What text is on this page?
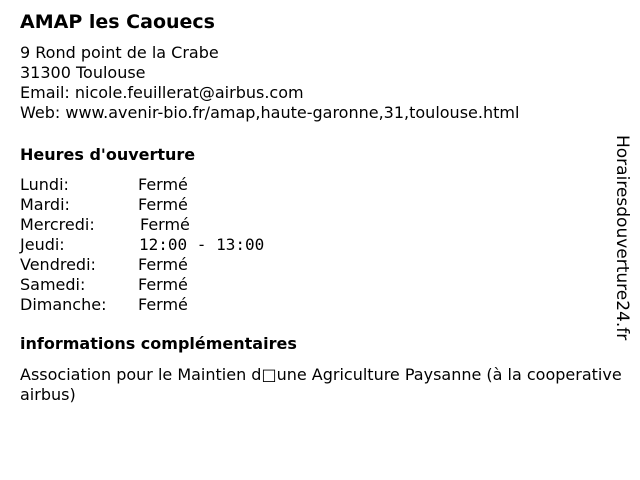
AMAP les Caouecs
9 Rond point de la Crabe
31300 Toulouse
Email: nicole.feuillerat@airbus.com
Web: www.avenir-bio.fr/amap,haute-garonne,31,toulouse.html
Heures d'ouverture
Lundi:	Fermé
Mardi:	Fermé
Mercredi:	Fermé
Jeudi:	12:00 - 13:00
Vendredi:	Fermé
Samedi:	Fermé
Dimanche: Fermé
informations complémentaires
Association pour le Maintien d□une Agriculture Paysanne (à la cooperative airbus)
Horairesdouverture24.fr
